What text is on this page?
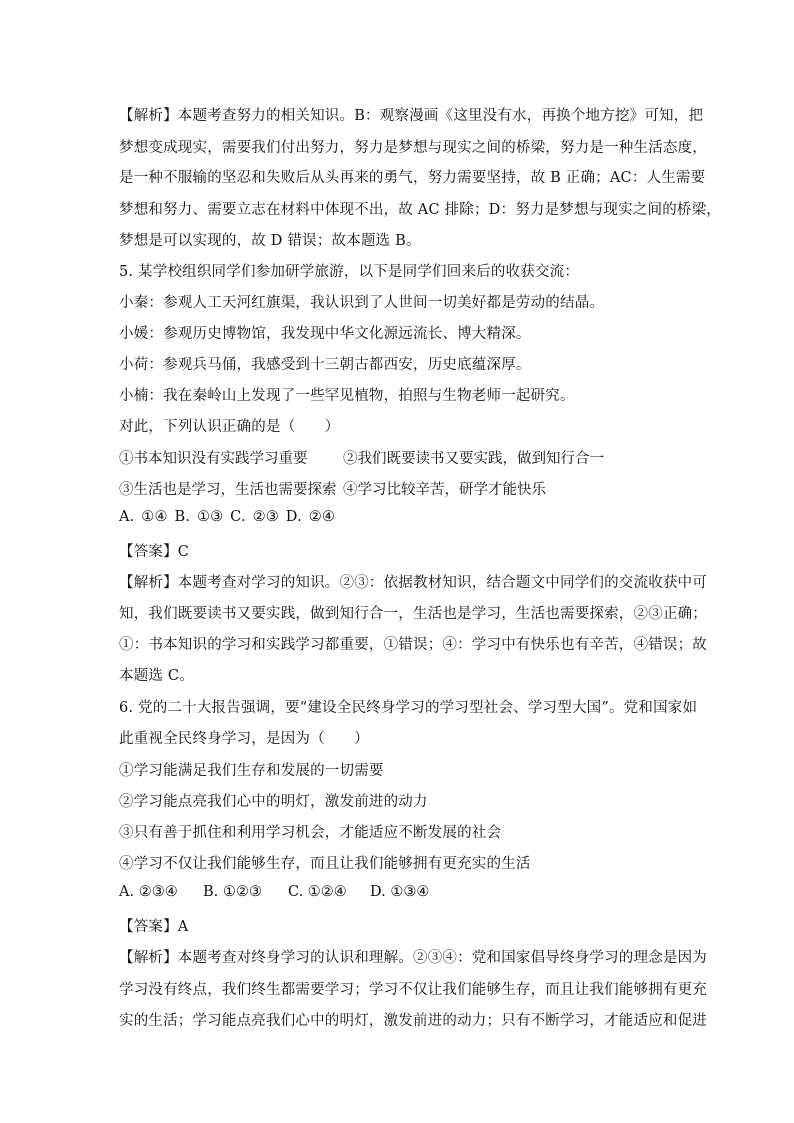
【解析】本题考查努力的相关知识。B：观察漫画《这里没有水，再换个地方挖》可知，把
梦想变成现实，需要我们付出努力，努力是梦想与现实之间的桥梁，努力是一种生活态度，
是一种不服输的坚忍和失败后从头再来的勇气，努力需要坚持，故 B 正确；AC：人生需要
梦想和努力、需要立志在材料中体现不出，故 AC 排除；D：努力是梦想与现实之间的桥梁，
梦想是可以实现的，故 D 错误；故本题选 B。
5. 某学校组织同学们参加研学旅游，以下是同学们回来后的收获交流：
小秦：参观人工天河红旗渠，我认识到了人世间一切美好都是劳动的结晶。
小媛：参观历史博物馆，我发现中华文化源远流长、博大精深。
小荷：参观兵马俑，我感受到十三朝古都西安，历史底蕴深厚。
小楠：我在秦岭山上发现了一些罕见植物，拍照与生物老师一起研究。
对此，下列认识正确的是（　　）
①书本知识没有实践学习重要 ②我们既要读书又要实践，做到知行合一
③生活也是学习，生活也需要探索 ④学习比较辛苦，研学才能快乐
A. ①④ B. ①③ C. ②③ D. ②④
【答案】C
【解析】本题考查对学习的知识。②③：依据教材知识，结合题文中同学们的交流收获中可
知，我们既要读书又要实践，做到知行合一，生活也是学习，生活也需要探索，②③正确；
①：书本知识的学习和实践学习都重要，①错误；④：学习中有快乐也有辛苦，④错误；故
本题选 C。
6. 党的二十大报告强调，要“建设全民终身学习的学习型社会、学习型大国”。党和国家如
此重视全民终身学习，是因为（　　）
①学习能满足我们生存和发展的一切需要
②学习能点亮我们心中的明灯，激发前进的动力
③只有善于抓住和利用学习机会，才能适应不断发展的社会
④学习不仅让我们能够生存，而且让我们能够拥有更充实的生活
A. ②③④ B. ①②③ C. ①②④ D. ①③④
【答案】A
【解析】本题考查对终身学习的认识和理解。②③④：党和国家倡导终身学习的理念是因为
学习没有终点，我们终生都需要学习；学习不仅让我们能够生存，而且让我们能够拥有更充
实的生活；学习能点亮我们心中的明灯，激发前进的动力；只有不断学习，才能适应和促进
